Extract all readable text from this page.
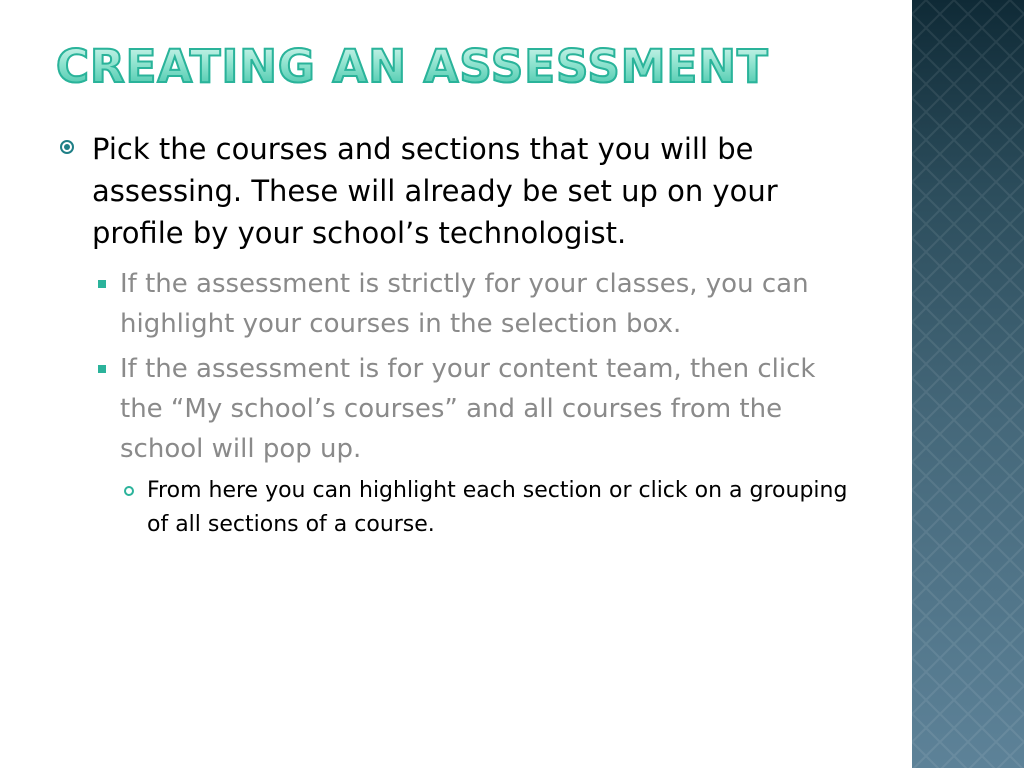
CREATING AN ASSESSMENT
Pick the courses and sections that you will be assessing. These will already be set up on your profile by your school’s technologist.
If the assessment is strictly for your classes, you can highlight your courses in the selection box.
If the assessment is for your content team, then click the “My school’s courses” and all courses from the school will pop up.
From here you can highlight each section or click on a grouping of all sections of a course.
